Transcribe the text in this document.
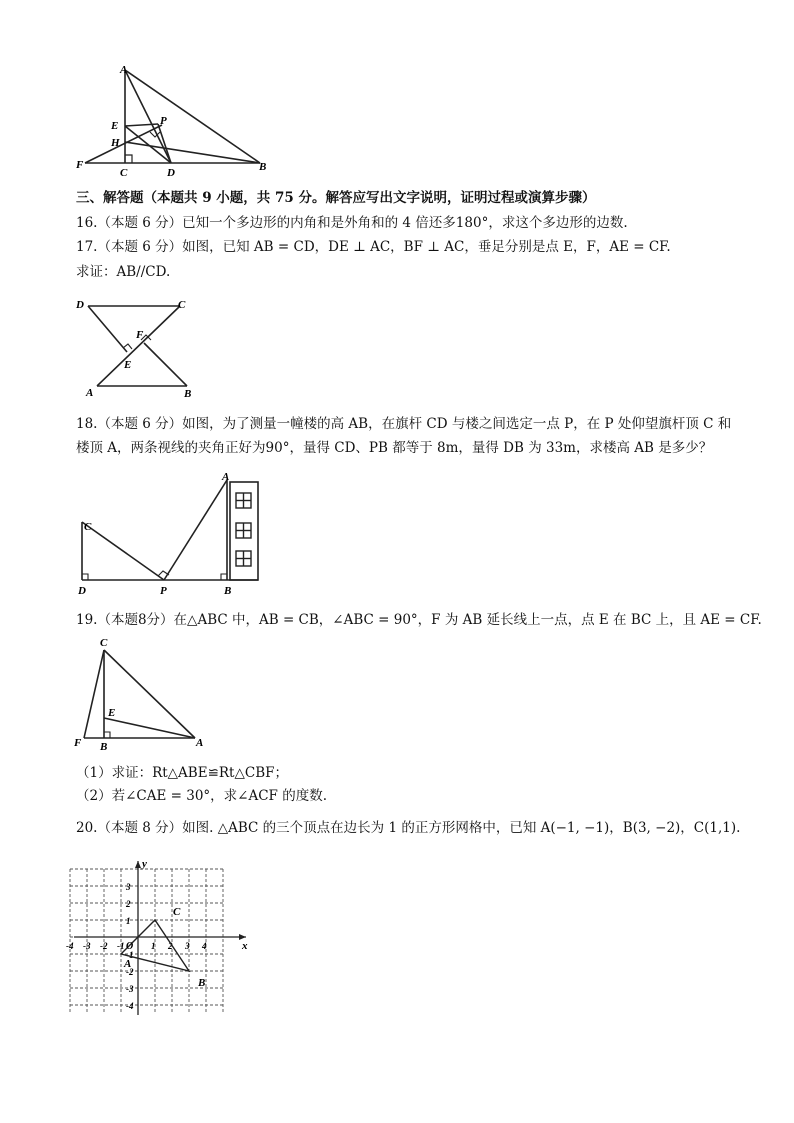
A
E	P
H
F
C	D	B
三、解答题（本题共 9 小题，共 75 分。解答应写出文字说明，证明过程或演算步骤）
16.（本题 6 分）已知一个多边形的内角和是外角和的 4 倍还多180°，求这个多边形的边数.
17.（本题 6 分）如图，已知 AB = CD，DE ⊥ AC，BF ⊥ AC，垂足分别是点 E，F，AE = CF.
求证：AB//CD.
D	C
F
E
A	B
18.（本题 6 分）如图，为了测量一幢楼的高 AB，在旗杆 CD 与楼之间选定一点 P，在 P 处仰望旗杆顶 C 和
楼顶 A，两条视线的夹角正好为90°，量得 CD、PB 都等于 8m，量得 DB 为 33m，求楼高 AB 是多少？
A
C
D	P	B
19.（本题8分）在△ABC 中，AB = CB，∠ABC = 90°，F 为 AB 延长线上一点，点 E 在 BC 上，且 AE = CF.
C
E
F B	A
（1）求证：Rt△ABE≌Rt△CBF；
（2）若∠CAE = 30°，求∠ACF 的度数.
20.（本题 8 分）如图. △ABC 的三个顶点在边长为 1 的正方形网格中，已知 A(−1, −1)，B(3, −2)，C(1,1).
-4 -3 -2 -1	1 2 3 4
3
2
1
-1
-2
-3
-4
x
y
O
A
B
C
